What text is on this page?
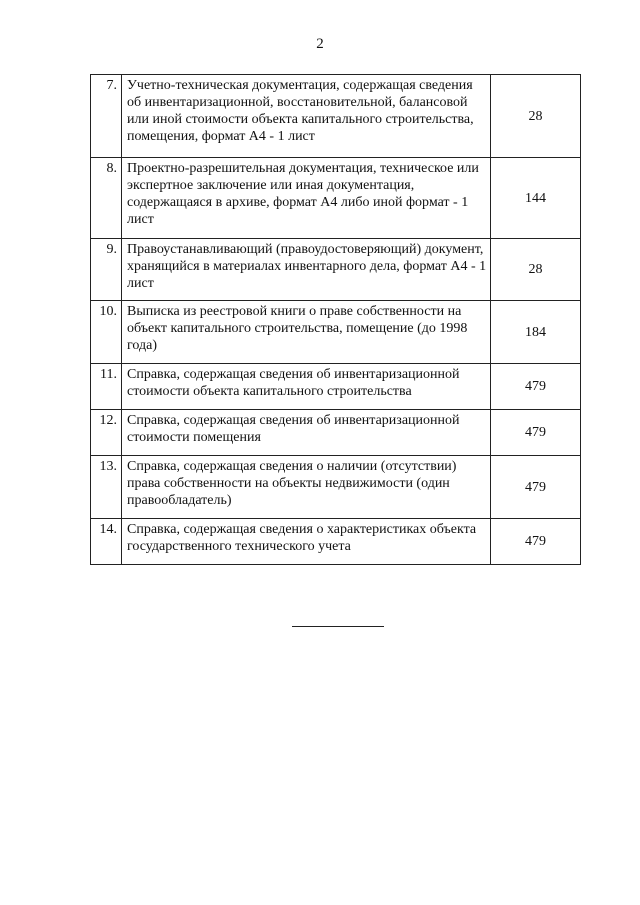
2
7.	Учетно-техническая документация, содержащая сведения об инвентаризационной, восстановительной, балансовой или иной стоимости объекта капитального строительства, помещения, формат А4 - 1 лист	28
8.	Проектно-разрешительная документация, техническое или экспертное заключение или иная документация, содержащаяся в архиве, формат А4 либо иной формат - 1 лист	144
9.	Правоустанавливающий (правоудостоверяющий) документ, хранящийся в материалах инвентарного дела, формат А4 - 1 лист	28
10.	Выписка из реестровой книги о праве собственности на объект капитального строительства, помещение (до 1998 года)	184
11.	Справка, содержащая сведения об инвентаризационной стоимости объекта капитального строительства	479
12.	Справка, содержащая сведения об инвентаризационной стоимости помещения	479
13.	Справка, содержащая сведения о наличии (отсутствии) права собственности на объекты недвижимости (один правообладатель)	479
14.	Справка, содержащая сведения о характеристиках объекта государственного технического учета	479
